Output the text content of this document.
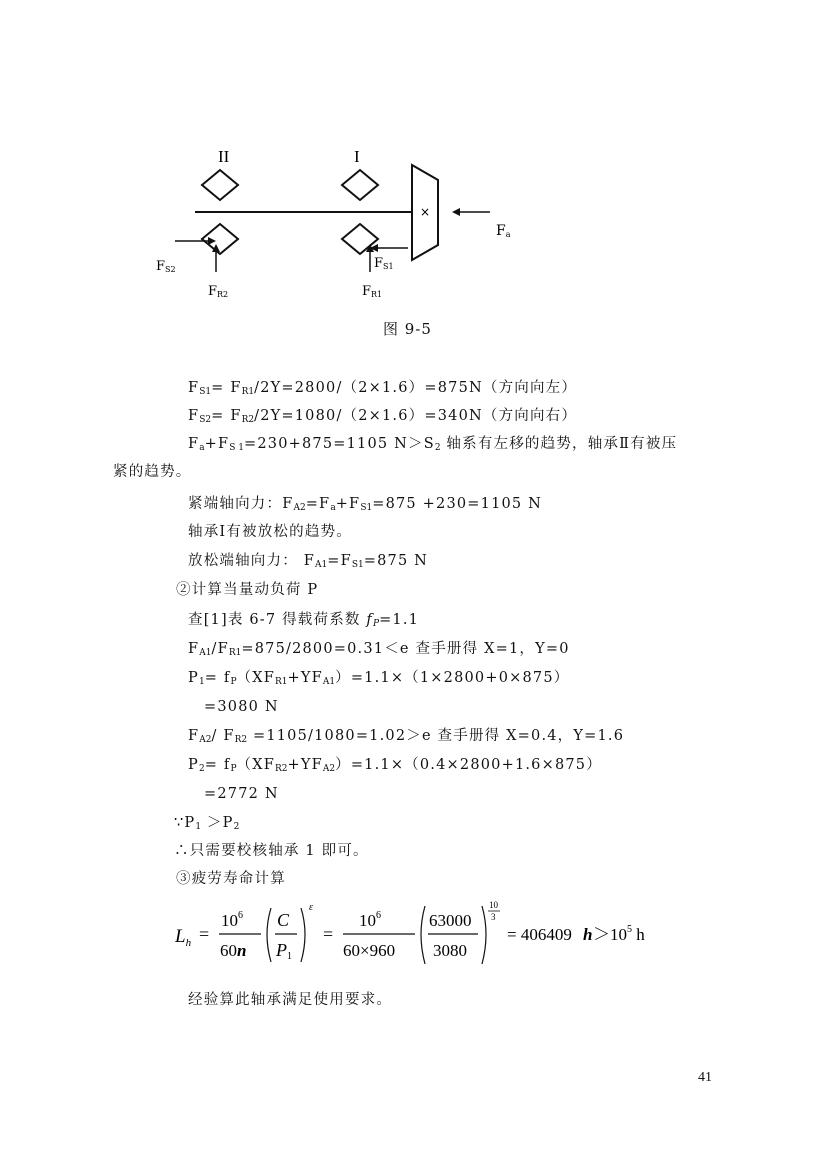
×
II	I
Fa
FS2	FS1
FR2	FR1
图 9-5
$F_{S1}= F_{R1}/2Y=2800/(2\times 1.6)=875N$（方向向左）
$F_{S2}= F_{R2}/2Y=1080/(2\times 1.6)=340N$（方向向右）
$F_a+F_{S 1}=230+875=1105$ $N>S_2$ 轴系有左移的趋势，轴承Ⅱ有被压
紧的趋势。
紧端轴向力：$F_{A2}=F_a+F_{S1}=875 +230=1105$ N
轴承Ⅰ有被放松的趋势。
放松端轴向力： $F_{A1}=F_{S1}=875$ N
②计算当量动负荷 P
查[1]表 6-7 得载荷系数 $f_P=1.1$
$F_{A1}/F_{R1}=875/2800=0.31<e$ 查手册得 X=1，Y=0
$P_1= f_P(XF_{R1}+YF_{A1})=1.1\times(1\times 2800+0\times 875)$
=3080 N
$F_{A2}/$ $F_{R2} =1105/1080=1.02>e$ 查手册得 X=0.4，Y=1.6
$P_2= f_P(XF_{R2}+YF_{A2})=1.1\times(0.4\times 2800+1.6\times 875)$
=2772 N
$\because P_1 >P_2$
∴只需要校核轴承 1 即可。
③疲劳寿命计算
$L_h$ =
$10^6$
60n
C
P1
ε
=
$10^6$
60×960
63000
3080
10
3
= 406409 $h >10^5$ h
经验算此轴承满足使用要求。
41
